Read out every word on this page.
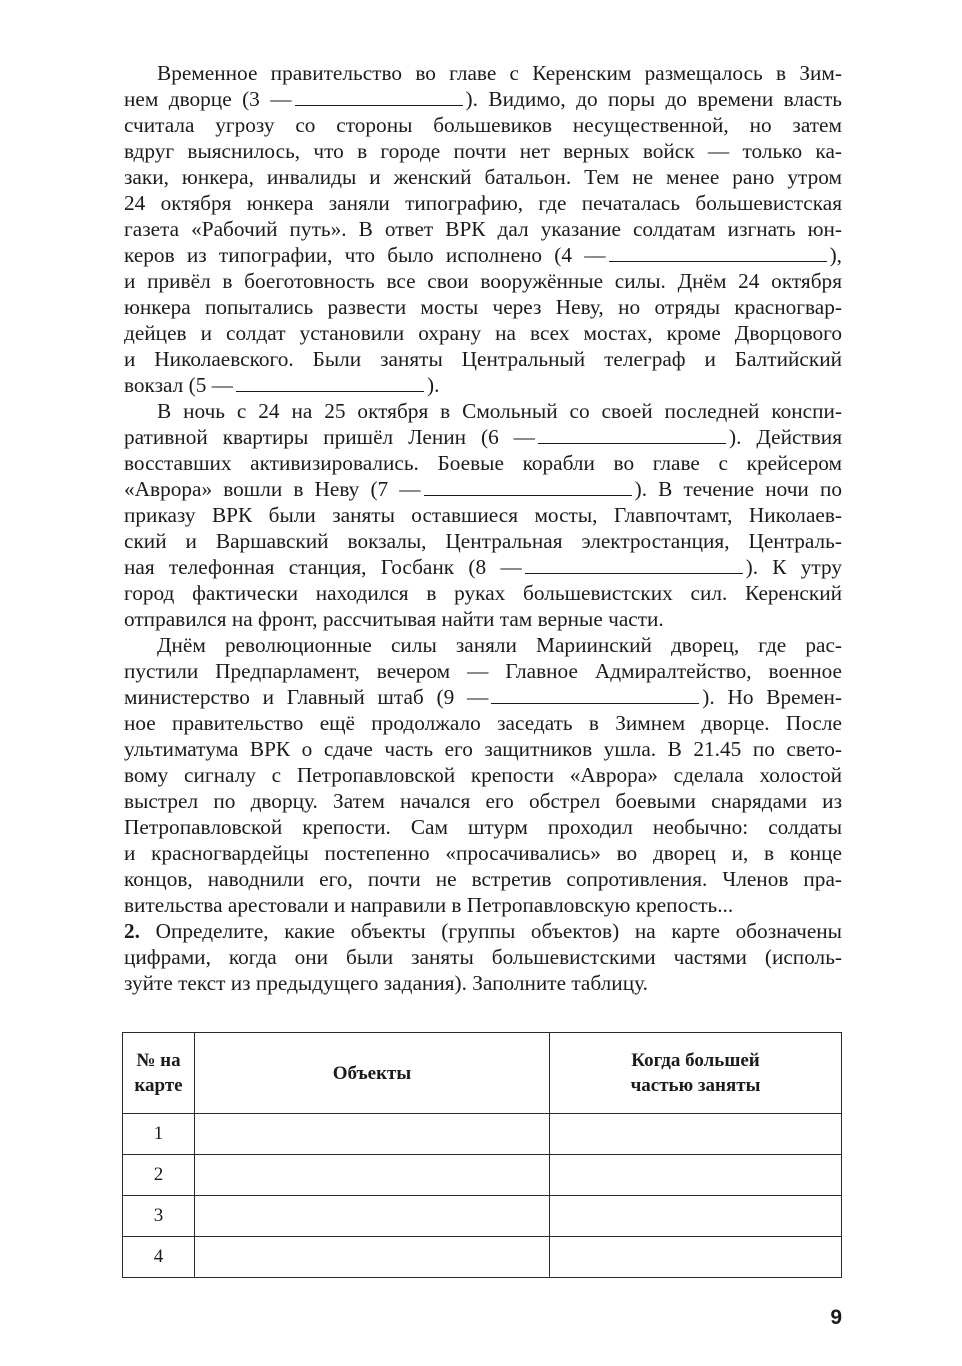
Временное правительство во главе с Керенским размещалось в Зим-
нем дворце (3 —	). Видимо, до поры до времени власть
считала угрозу со стороны большевиков несущественной, но затем
вдруг выяснилось, что в городе почти нет верных войск — только ка-
заки, юнкера, инвалиды и женский батальон. Тем не менее рано утром
24 октября юнкера заняли типографию, где печаталась большевистская
газета «Рабочий путь». В ответ ВРК дал указание солдатам изгнать юн-
керов из типографии, что было исполнено (4 —	),
и привёл в боеготовность все свои вооружённые силы. Днём 24 октября
юнкера попытались развести мосты через Неву, но отряды красногвар-
дейцев и солдат установили охрану на всех мостах, кроме Дворцового
и Николаевского. Были заняты Центральный телеграф и Балтийский
вокзал (5 —	).

В ночь с 24 на 25 октября в Смольный со своей последней конспи-
ративной квартиры пришёл Ленин (6 —	). Действия
восставших активизировались. Боевые корабли во главе с крейсером
«Аврора» вошли в Неву (7 —	). В течение ночи по
приказу ВРК были заняты оставшиеся мосты, Главпочтамт, Николаев-
ский и Варшавский вокзалы, Центральная электростанция, Централь-
ная телефонная станция, Госбанк (8 —	). К утру
город фактически находился в руках большевистских сил. Керенский
отправился на фронт, рассчитывая найти там верные части.

Днём революционные силы заняли Мариинский дворец, где рас-
пустили Предпарламент, вечером — Главное Адмиралтейство, военное
министерство и Главный штаб (9 —	). Но Времен-
ное правительство ещё продолжало заседать в Зимнем дворце. После
ультиматума ВРК о сдаче часть его защитников ушла. В 21.45 по свето-
вому сигналу с Петропавловской крепости «Аврора» сделала холостой
выстрел по дворцу. Затем начался его обстрел боевыми снарядами из
Петропавловской крепости. Сам штурм проходил необычно: солдаты
и красногвардейцы постепенно «просачивались» во дворец и, в конце
концов, наводнили его, почти не встретив сопротивления. Членов пра-
вительства арестовали и направили в Петропавловскую крепость...

2. Определите, какие объекты (группы объектов) на карте обозначены
цифрами, когда они были заняты большевистскими частями (исполь-
зуйте текст из предыдущего задания). Заполните таблицу.

№ на
карте	Объекты	Когда большей
частью заняты
1		
2		
3		
4		
9
